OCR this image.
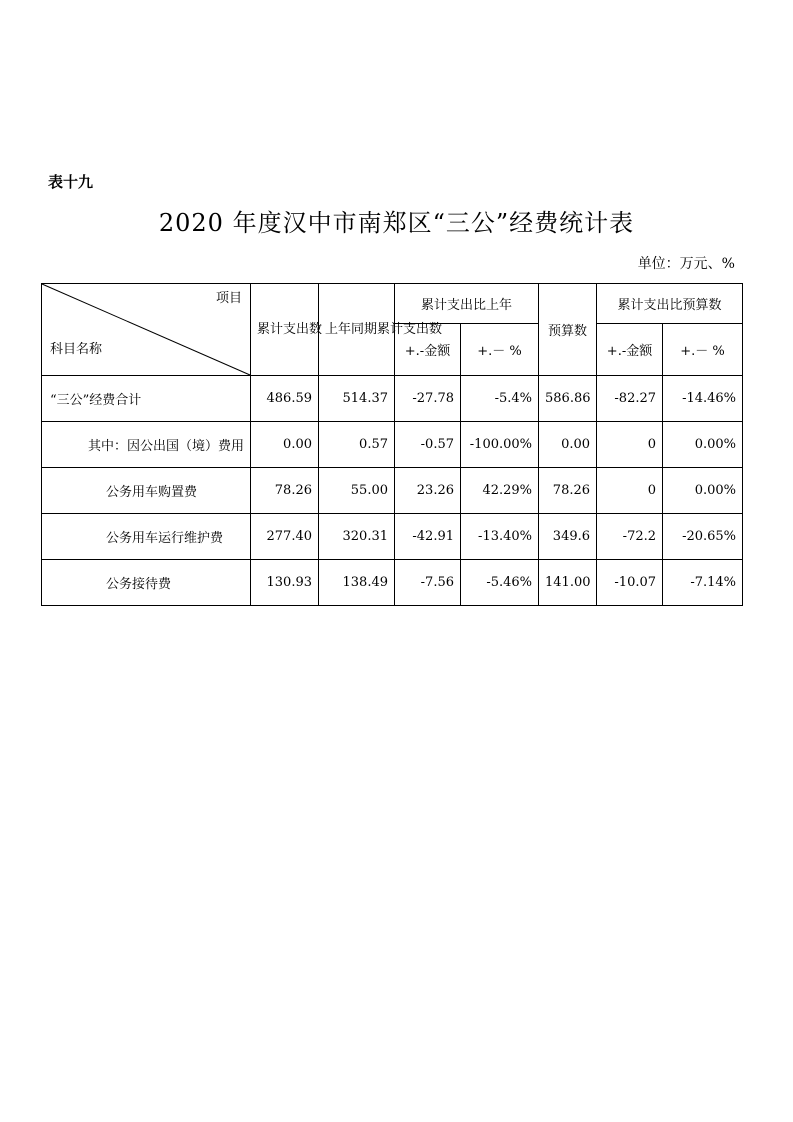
表十九
2020 年度汉中市南郑区“三公”经费统计表
单位：万元、%
项目
科目名称	累计支出数	上年同期累计支出数	累计支出比上年		预算数	累计支出比预算数	
			+.-金额	+.－ %		+.-金额	+.－ %
“三公”经费合计	486.59	514.37	-27.78	-5.4%	586.86	-82.27	-14.46%
其中：因公出国（境）费用	0.00	0.57	-0.57	-100.00%	0.00	0	0.00%
公务用车购置费	78.26	55.00	23.26	42.29%	78.26	0	0.00%
公务用车运行维护费	277.40	320.31	-42.91	-13.40%	349.6	-72.2	-20.65%
公务接待费	130.93	138.49	-7.56	-5.46%	141.00	-10.07	-7.14%
